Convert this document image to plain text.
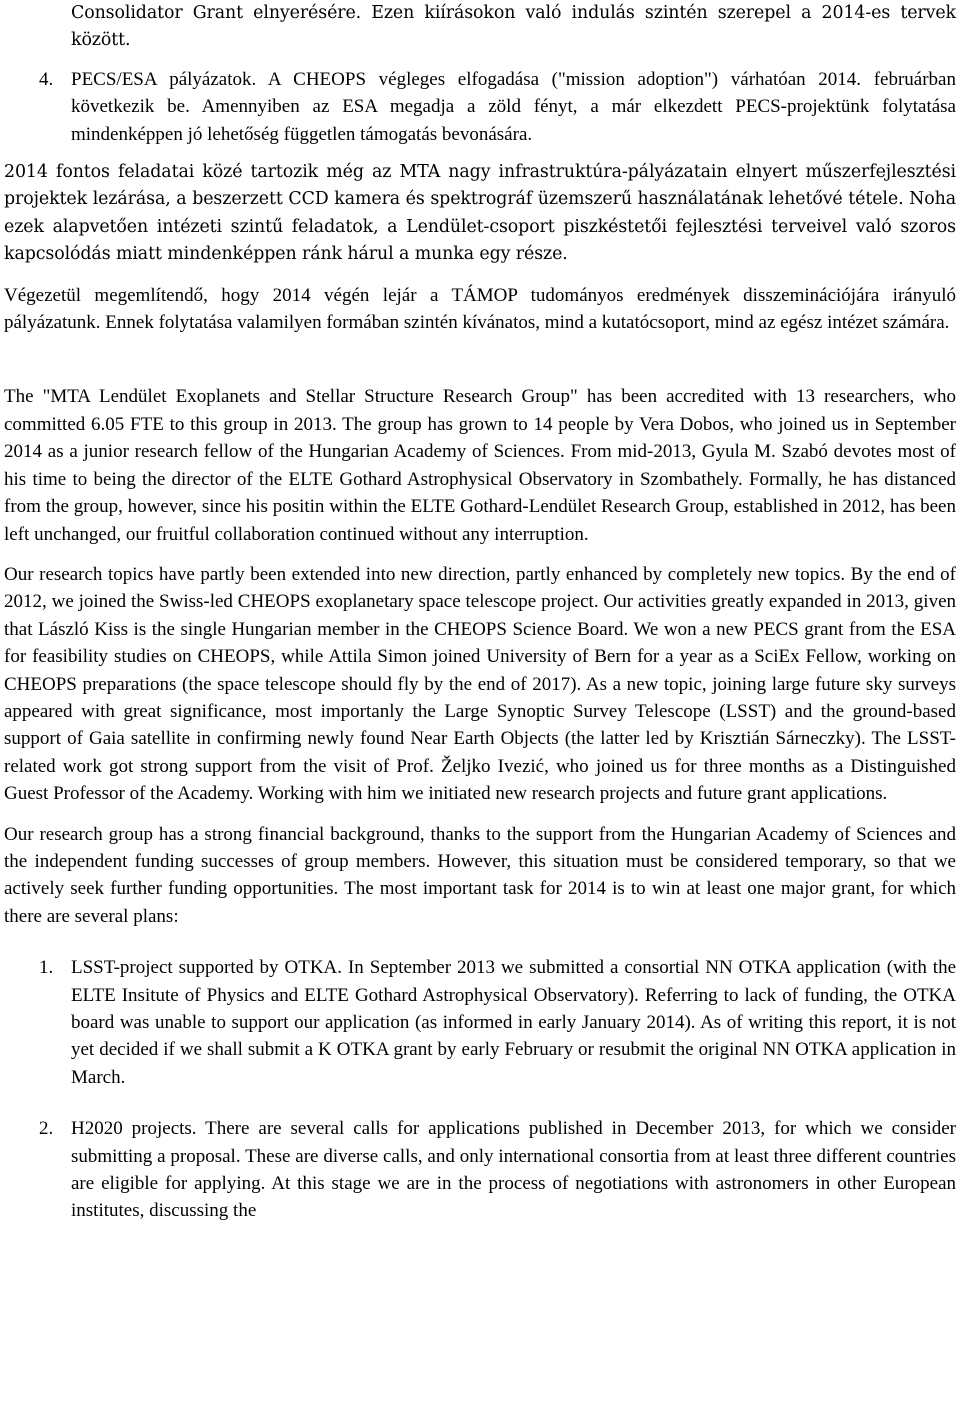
Consolidator Grant elnyerésére. Ezen kiírásokon való indulás szintén szerepel a 2014-es tervek között.

4. PECS/ESA pályázatok. A CHEOPS végleges elfogadása ("mission adoption") várhatóan 2014. februárban következik be. Amennyiben az ESA megadja a zöld fényt, a már elkezdett PECS-projektünk folytatása mindenképpen jó lehetőség független támogatás bevonására.

2014 fontos feladatai közé tartozik még az MTA nagy infrastruktúra-pályázatain elnyert műszerfejlesztési projektek lezárása, a beszerzett CCD kamera és spektrográf üzemszerű használatának lehetővé tétele. Noha ezek alapvetően intézeti szintű feladatok, a Lendület-csoport piszkéstetői fejlesztési terveivel való szoros kapcsolódás miatt mindenképpen ránk hárul a munka egy része.

Végezetül megemlítendő, hogy 2014 végén lejár a TÁMOP tudományos eredmények disszeminációjára irányuló pályázatunk. Ennek folytatása valamilyen formában szintén kívánatos, mind a kutatócsoport, mind az egész intézet számára.

The "MTA Lendület Exoplanets and Stellar Structure Research Group" has been accredited with 13 researchers, who committed 6.05 FTE to this group in 2013. The group has grown to 14 people by Vera Dobos, who joined us in September 2014 as a junior research fellow of the Hungarian Academy of Sciences. From mid-2013, Gyula M. Szabó devotes most of his time to being the director of the ELTE Gothard Astrophysical Observatory in Szombathely. Formally, he has distanced from the group, however, since his positin within the ELTE Gothard-Lendület Research Group, established in 2012, has been left unchanged, our fruitful collaboration continued without any interruption.

Our research topics have partly been extended into new direction, partly enhanced by completely new topics. By the end of 2012, we joined the Swiss-led CHEOPS exoplanetary space telescope project. Our activities greatly expanded in 2013, given that László Kiss is the single Hungarian member in the CHEOPS Science Board. We won a new PECS grant from the ESA for feasibility studies on CHEOPS, while Attila Simon joined University of Bern for a year as a SciEx Fellow, working on CHEOPS preparations (the space telescope should fly by the end of 2017). As a new topic, joining large future sky surveys appeared with great significance, most importanly the Large Synoptic Survey Telescope (LSST) and the ground-based support of Gaia satellite in confirming newly found Near Earth Objects (the latter led by Krisztián Sárneczky). The LSST-related work got strong support from the visit of Prof. Željko Ivezić, who joined us for three months as a Distinguished Guest Professor of the Academy. Working with him we initiated new research projects and future grant applications.

Our research group has a strong financial background, thanks to the support from the Hungarian Academy of Sciences and the independent funding successes of group members. However, this situation must be considered temporary, so that we actively seek further funding opportunities. The most important task for 2014 is to win at least one major grant, for which there are several plans:

1. LSST-project supported by OTKA. In September 2013 we submitted a consortial NN OTKA application (with the ELTE Insitute of Physics and ELTE Gothard Astrophysical Observatory). Referring to lack of funding, the OTKA board was unable to support our application (as informed in early January 2014). As of writing this report, it is not yet decided if we shall submit a K OTKA grant by early February or resubmit the original NN OTKA application in March.

2. H2020 projects. There are several calls for applications published in December 2013, for which we consider submitting a proposal. These are diverse calls, and only international consortia from at least three different countries are eligible for applying. At this stage we are in the process of negotiations with astronomers in other European institutes, discussing the
